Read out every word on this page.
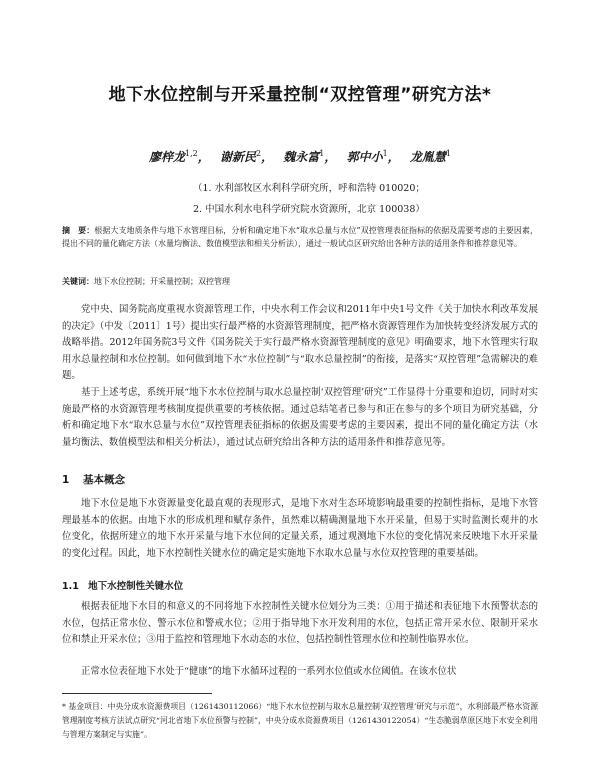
地下水位控制与开采量控制“双控管理”研究方法*
廖梓龙$^{1,2}$， 谢新民$^2$， 魏永富$^1$， 郭中小$^1$， 龙胤慧$^1$
（1. 水利部牧区水利科学研究所，呼和浩特 010020；
2. 中国水利水电科学研究院水资源所，北京 100038）
摘　要：根据大支地质条件与地下水管理目标，分析和确定地下水“取水总量与水位”双控管理表征指标的依据及需要考虑的主要因素，提出不同的量化确定方法（水量均衡法、数值模型法和相关分析法），通过一般试点区研究给出各种方法的适用条件和推荐意见等。
关键词：地下水位控制；开采量控制；双控管理

党中央、国务院高度重视水资源管理工作，中央水利工作会议和2011年中央1号文件《关于加快水利改革发展的决定》（中发〔2011〕1号）提出实行最严格的水资源管理制度，把严格水资源管理作为加快转变经济发展方式的战略举措。2012年国务院3号文件《国务院关于实行最严格水资源管理制度的意见》明确要求，地下水管理实行取用水总量控制和水位控制。如何做到地下水“水位控制”与“取水总量控制”的衔接，是落实“双控管理”急需解决的难题。

基于上述考虑，系统开展“地下水水位控制与取水总量控制‘双控管理’研究”工作显得十分重要和迫切，同时对实施最严格的水资源管理考核制度提供重要的考核依据。通过总结笔者已参与和正在参与的多个项目为研究基础，分析和确定地下水“取水总量与水位”双控管理表征指标的依据及需要考虑的主要因素，提出不同的量化确定方法（水量均衡法、数值模型法和相关分析法），通过试点研究给出各种方法的适用条件和推荐意见等。

1 基本概念

地下水位是地下水资源量变化最直观的表现形式，是地下水对生态环境影响最重要的控制性指标，是地下水管理最基本的依据。由地下水的形成机理和赋存条件，虽然难以精确测量地下水开采量，但易于实时监测长观井的水位变化，依据所建立的地下水开采量与地下水位间的定量关系，通过观测地下水位的变化情况来反映地下水开采量的变化过程。因此，地下水控制性关键水位的确定是实施地下水取水总量与水位双控管理的重要基础。

1.1 地下水控制性关键水位

根据表征地下水目的和意义的不同将地下水控制性关键水位划分为三类：①用于描述和表征地下水预警状态的水位，包括正常水位、警示水位和警戒水位；②用于指导地下水开发利用的水位，包括正常开采水位、限制开采水位和禁止开采水位；③用于监控和管理地下水动态的水位，包括控制性管理水位和控制性临界水位。

正常水位表征地下水处于“健康”的地下水循环过程的一系列水位值或水位阈值。在该水位状

* 基金项目：中央分成水资源费项目（1261430112066）“地下水水位控制与取水总量控制‘双控管理’研究与示范”，水利部最严格水资源管理制度考核方法试点研究“河北省地下水位预警与控制”，中央分成水资源费项目（1261430122054）“生态脆弱草原区地下水安全利用与管理方案制定与实施”。
